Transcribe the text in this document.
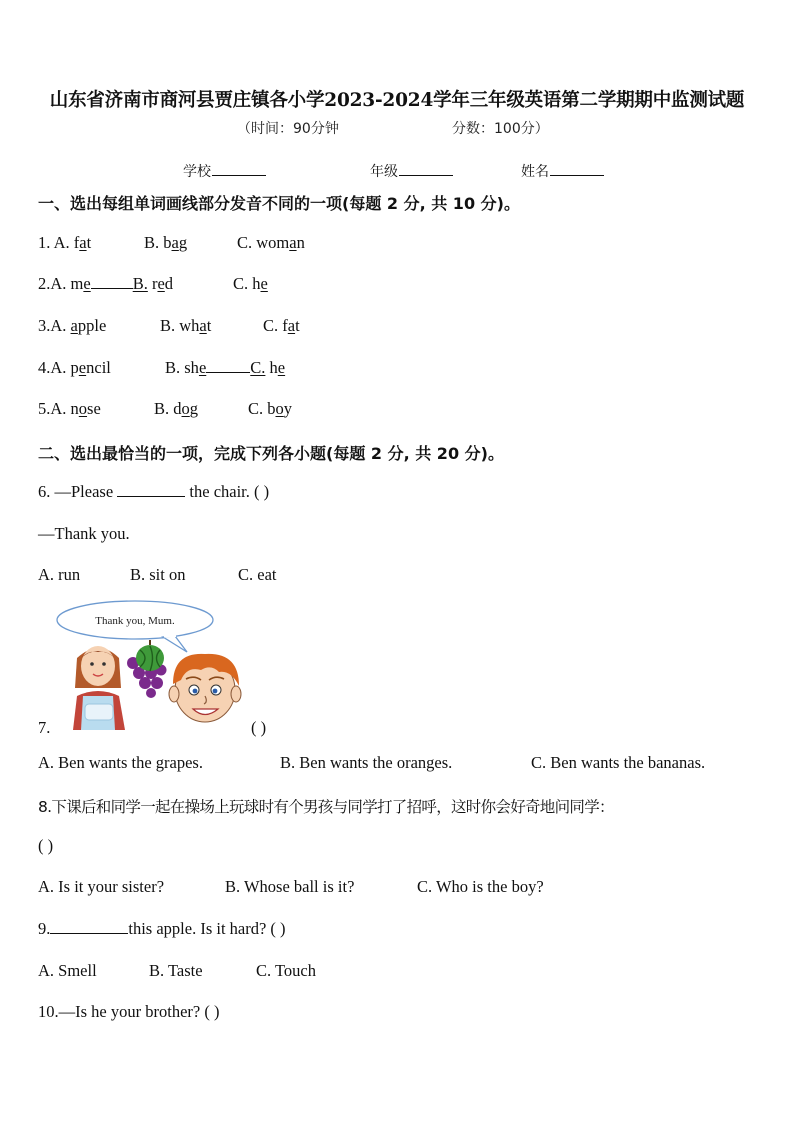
山东省济南市商河县贾庄镇各小学2023-2024学年三年级英语第二学期期中监测试题
（时间：90分钟	分数：100分）
学校	年级	姓名
一、选出每组单词画线部分发音不同的一项(每题 2 分, 共 10 分)。
1. A. fat	B. bag	C. woman
2.A. me	B. red	C. he
3.A. apple	B. what	C. fat
4.A. pencil	B. she	C. he
5.A. nose	B. dog	C. boy
二、选出最恰当的一项，完成下列各小题(每题 2 分, 共 20 分)。
6. —Please	the chair. ( )
—Thank you.
A. run	B. sit on	C. eat
Thank you, Mum.
7.	( )
A. Ben wants the grapes.	B. Ben wants the oranges.	C. Ben wants the bananas.
8.下课后和同学一起在操场上玩球时有个男孩与同学打了招呼，这时你会好奇地问同学：
( )
A. Is it your sister?	B. Whose ball is it?	C. Who is the boy?
9.	this apple. Is it hard? ( )
A. Smell	B. Taste	C. Touch
10.—Is he your brother? ( )
